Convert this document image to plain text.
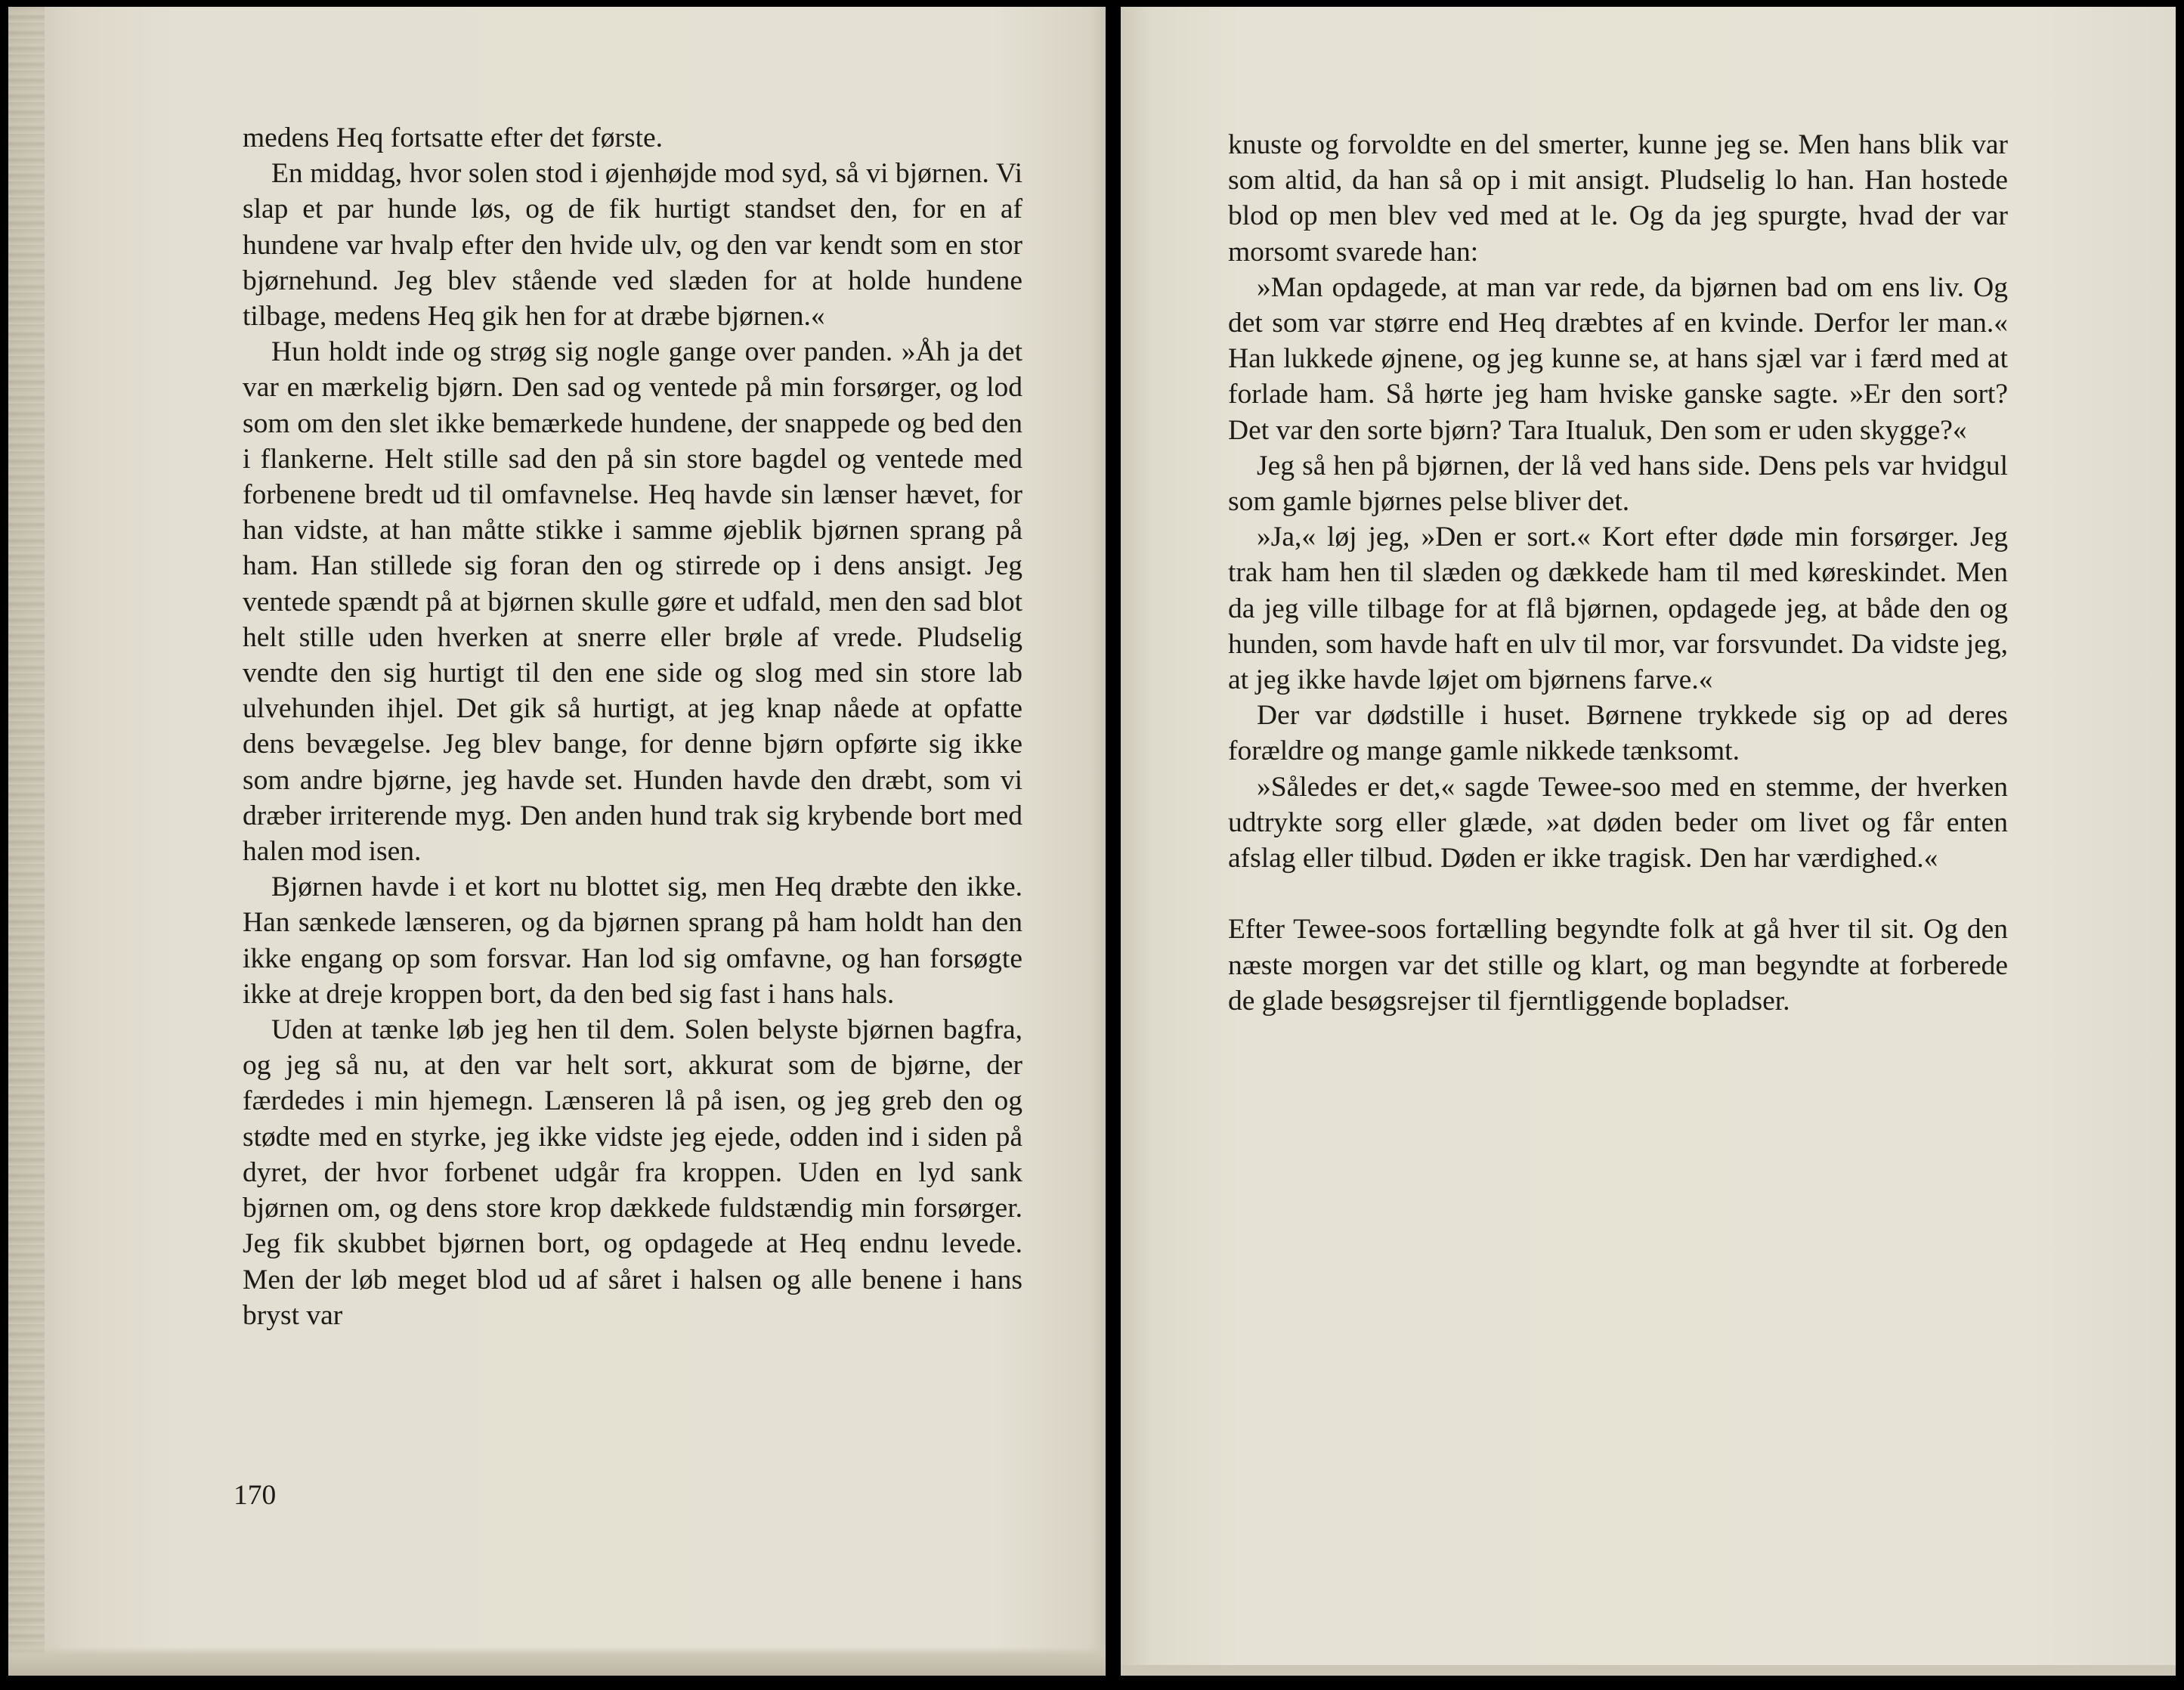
medens Heq fortsatte efter det første.

En middag, hvor solen stod i øjenhøjde mod syd, så vi bjørnen. Vi slap et par hunde løs, og de fik hurtigt standset den, for en af hundene var hvalp efter den hvide ulv, og den var kendt som en stor bjørnehund. Jeg blev stående ved slæden for at holde hundene tilbage, medens Heq gik hen for at dræbe bjørnen.«

Hun holdt inde og strøg sig nogle gange over panden. »Åh ja det var en mærkelig bjørn. Den sad og ventede på min forsørger, og lod som om den slet ikke bemærkede hundene, der snappede og bed den i flankerne. Helt stille sad den på sin store bagdel og ventede med forbenene bredt ud til omfavnelse. Heq havde sin lænser hævet, for han vidste, at han måtte stikke i samme øjeblik bjørnen sprang på ham. Han stillede sig foran den og stirrede op i dens ansigt. Jeg ventede spændt på at bjørnen skulle gøre et udfald, men den sad blot helt stille uden hverken at snerre eller brøle af vrede. Pludselig vendte den sig hurtigt til den ene side og slog med sin store lab ulvehunden ihjel. Det gik så hurtigt, at jeg knap nåede at opfatte dens bevægelse. Jeg blev bange, for denne bjørn opførte sig ikke som andre bjørne, jeg havde set. Hunden havde den dræbt, som vi dræber irriterende myg. Den anden hund trak sig krybende bort med halen mod isen.

Bjørnen havde i et kort nu blottet sig, men Heq dræbte den ikke. Han sænkede lænseren, og da bjørnen sprang på ham holdt han den ikke engang op som forsvar. Han lod sig omfavne, og han forsøgte ikke at dreje kroppen bort, da den bed sig fast i hans hals.

Uden at tænke løb jeg hen til dem. Solen belyste bjørnen bagfra, og jeg så nu, at den var helt sort, akkurat som de bjørne, der færdedes i min hjemegn. Lænseren lå på isen, og jeg greb den og stødte med en styrke, jeg ikke vidste jeg ejede, odden ind i siden på dyret, der hvor forbenet udgår fra kroppen. Uden en lyd sank bjørnen om, og dens store krop dækkede fuldstændig min forsørger. Jeg fik skubbet bjørnen bort, og opdagede at Heq endnu levede. Men der løb meget blod ud af såret i halsen og alle benene i hans bryst var

170

knuste og forvoldte en del smerter, kunne jeg se. Men hans blik var som altid, da han så op i mit ansigt. Pludselig lo han. Han hostede blod op men blev ved med at le. Og da jeg spurgte, hvad der var morsomt svarede han:

»Man opdagede, at man var rede, da bjørnen bad om ens liv. Og det som var større end Heq dræbtes af en kvinde. Derfor ler man.« Han lukkede øjnene, og jeg kunne se, at hans sjæl var i færd med at forlade ham. Så hørte jeg ham hviske ganske sagte. »Er den sort? Det var den sorte bjørn? Tara Itualuk, Den som er uden skygge?«

Jeg så hen på bjørnen, der lå ved hans side. Dens pels var hvidgul som gamle bjørnes pelse bliver det.

»Ja,« løj jeg, »Den er sort.« Kort efter døde min forsørger. Jeg trak ham hen til slæden og dækkede ham til med køreskindet. Men da jeg ville tilbage for at flå bjørnen, opdagede jeg, at både den og hunden, som havde haft en ulv til mor, var forsvundet. Da vidste jeg, at jeg ikke havde løjet om bjørnens farve.«

Der var dødstille i huset. Børnene trykkede sig op ad deres forældre og mange gamle nikkede tænksomt.

»Således er det,« sagde Tewee-soo med en stemme, der hverken udtrykte sorg eller glæde, »at døden beder om livet og får enten afslag eller tilbud. Døden er ikke tragisk. Den har værdighed.«

Efter Tewee-soos fortælling begyndte folk at gå hver til sit. Og den næste morgen var det stille og klart, og man begyndte at forberede de glade besøgsrejser til fjerntliggende bopladser.
